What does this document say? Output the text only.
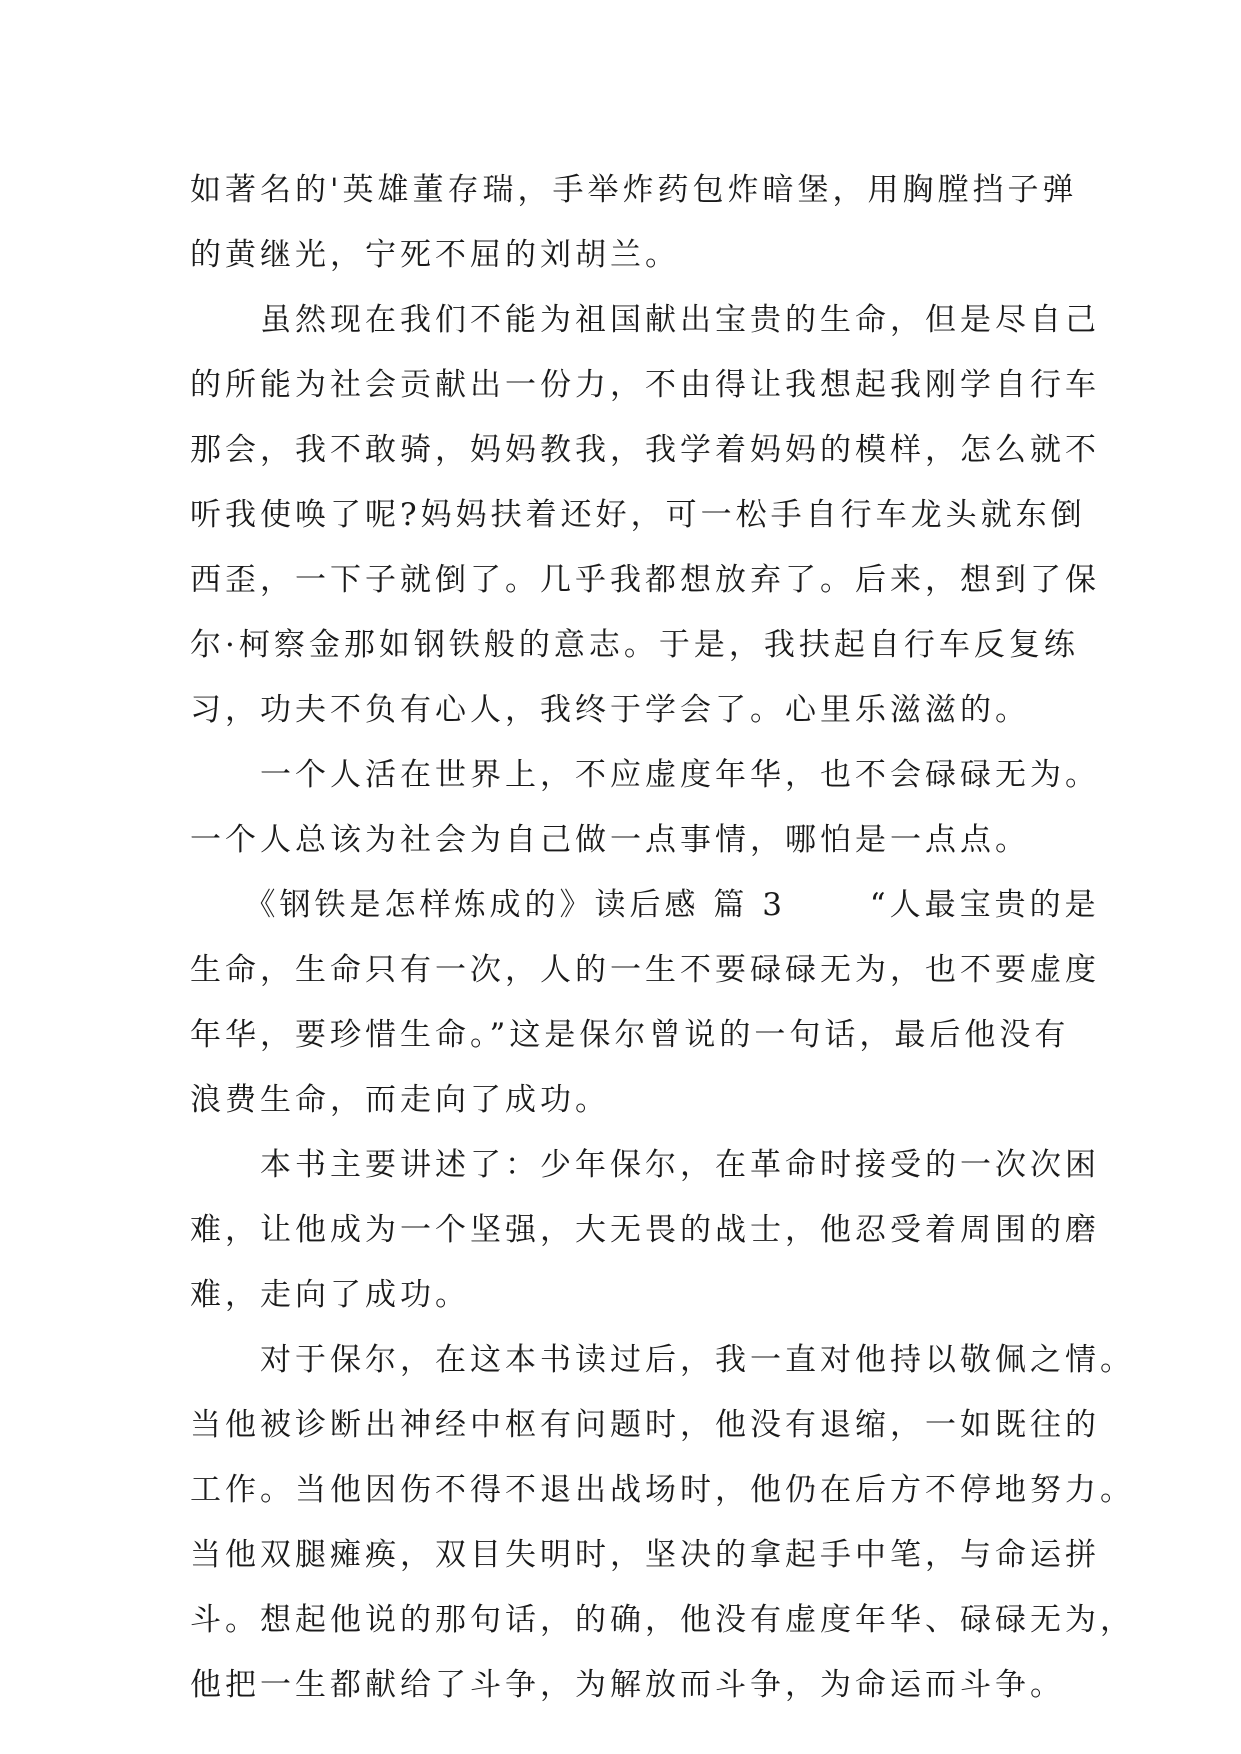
如著名的'英雄董存瑞，手举炸药包炸暗堡，用胸膛挡子弹
的黄继光，宁死不屈的刘胡兰。
　　虽然现在我们不能为祖国献出宝贵的生命，但是尽自己
的所能为社会贡献出一份力，不由得让我想起我刚学自行车
那会，我不敢骑，妈妈教我，我学着妈妈的模样，怎么就不
听我使唤了呢?妈妈扶着还好，可一松手自行车龙头就东倒
西歪，一下子就倒了。几乎我都想放弃了。后来，想到了保
尔·柯察金那如钢铁般的意志。于是，我扶起自行车反复练
习，功夫不负有心人，我终于学会了。心里乐滋滋的。
　　一个人活在世界上，不应虚度年华，也不会碌碌无为。
一个人总该为社会为自己做一点事情，哪怕是一点点。
　　《钢铁是怎样炼成的》读后感 篇 3　　 “人最宝贵的是
生命，生命只有一次，人的一生不要碌碌无为，也不要虚度
年华，要珍惜生命。”这是保尔曾说的一句话，最后他没有
浪费生命，而走向了成功。
　　本书主要讲述了：少年保尔，在革命时接受的一次次困
难，让他成为一个坚强，大无畏的战士，他忍受着周围的磨
难，走向了成功。
　　对于保尔，在这本书读过后，我一直对他持以敬佩之情。
当他被诊断出神经中枢有问题时，他没有退缩，一如既往的
工作。当他因伤不得不退出战场时，他仍在后方不停地努力。
当他双腿瘫痪，双目失明时，坚决的拿起手中笔，与命运拼
斗。想起他说的那句话，的确，他没有虚度年华、碌碌无为，
他把一生都献给了斗争，为解放而斗争，为命运而斗争。
